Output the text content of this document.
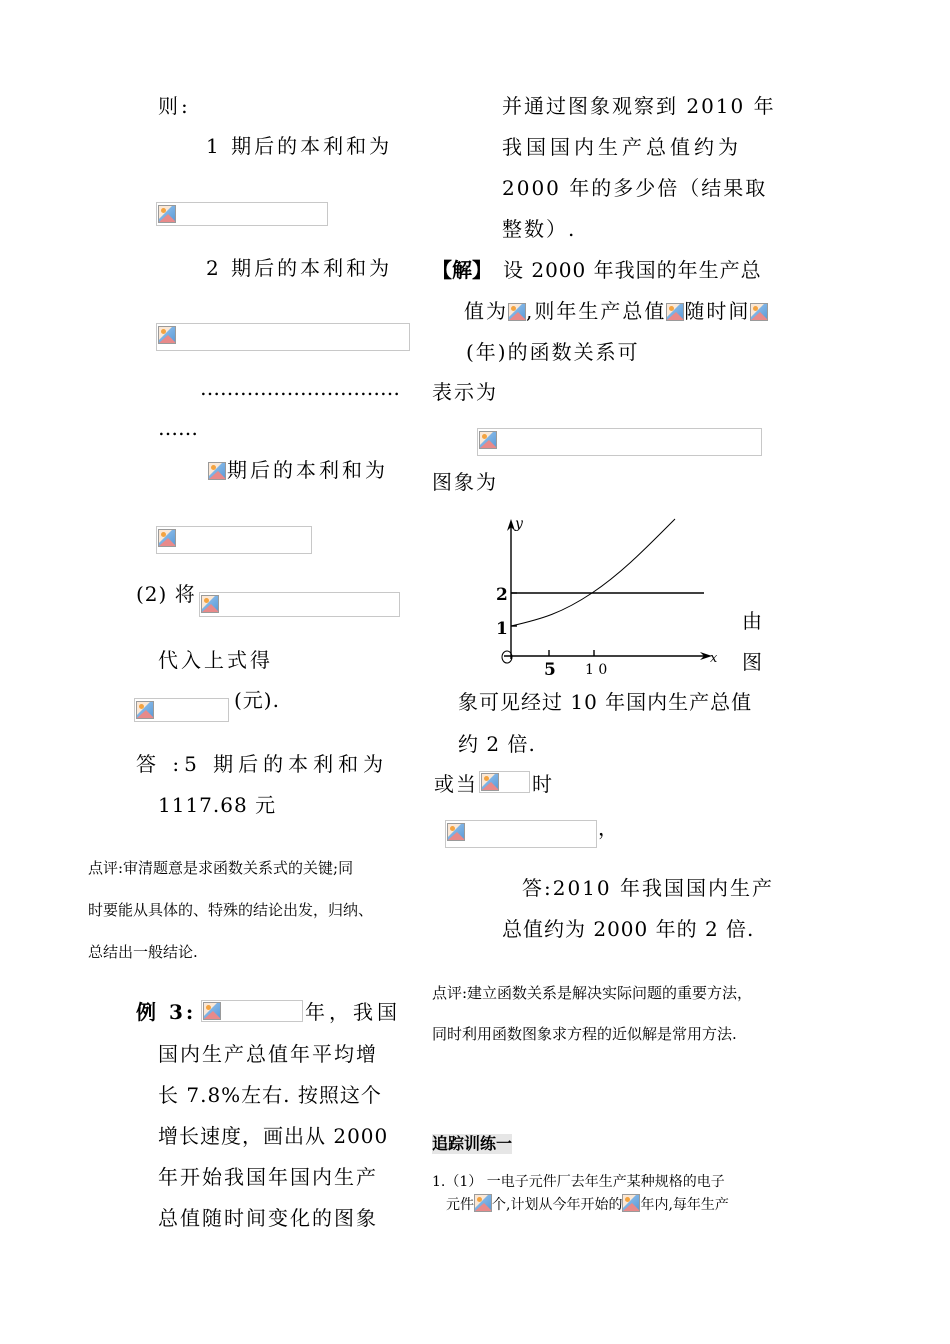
则:
1 期后的本利和为
2 期后的本利和为
…………………………
……
期后的本利和为
(2) 将
代入上式得
(元).
答 :5 期后的本利和为
1117.68 元
点评:审清题意是求函数关系式的关键;同
时要能从具体的、特殊的结论出发，归纳、
总结出一般结论.
例 3:	年，我国
国内生产总值年平均增
长 7.8%左右. 按照这个
增长速度，画出从 2000
年开始我国年国内生产
总值随时间变化的图象
并通过图象观察到 2010 年
我国国内生产总值约为
2000 年的多少倍（结果取
整数）.
【解】 设 2000 年我国的年生产总
值为 ,则年生产总值 随时间
(年)的函数关系可
表示为
图象为
y
x
2
1
5 1 0
由
图
象可见经过 10 年国内生产总值
约 2 倍.
或当	时
，
答:2010 年我国国内生产
总值约为 2000 年的 2 倍.
点评:建立函数关系是解决实际问题的重要方法，
同时利用函数图象求方程的近似解是常用方法.
追踪训练一
1.（1） 一电子元件厂去年生产某种规格的电子
元件 个,计划从今年开始的 年内,每年生产
